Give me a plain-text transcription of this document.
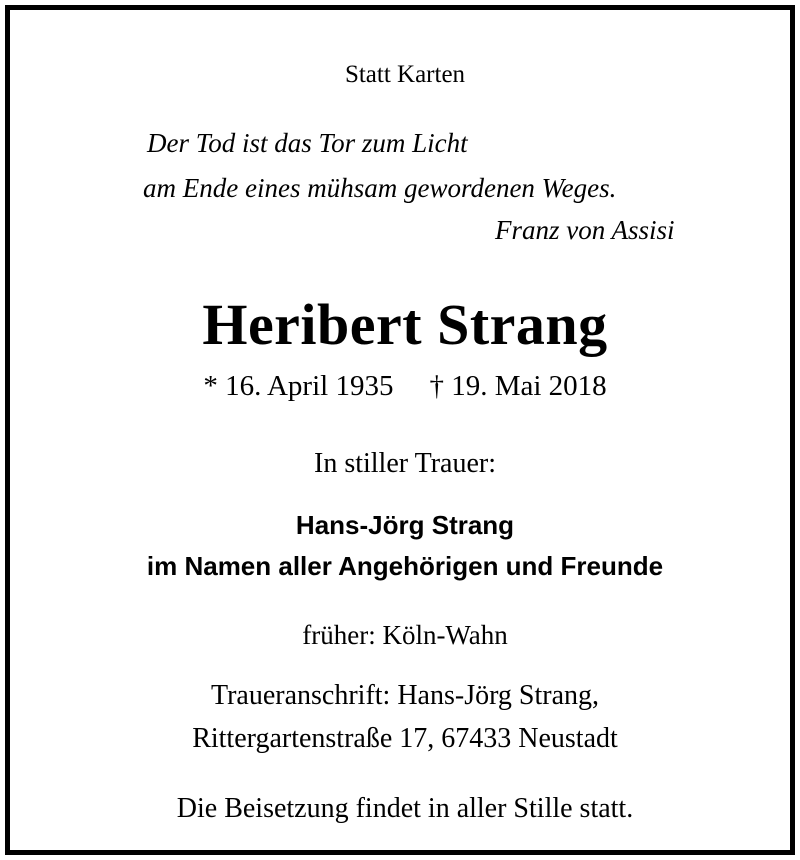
Statt Karten
Der Tod ist das Tor zum Licht
am Ende eines mühsam gewordenen Weges.
Franz von Assisi
Heribert Strang
* 16. April 1935 † 19. Mai 2018
In stiller Trauer:
Hans-Jörg Strang
im Namen aller Angehörigen und Freunde
früher: Köln-Wahn
Traueranschrift: Hans-Jörg Strang,
Rittergartenstraße 17, 67433 Neustadt
Die Beisetzung findet in aller Stille statt.
